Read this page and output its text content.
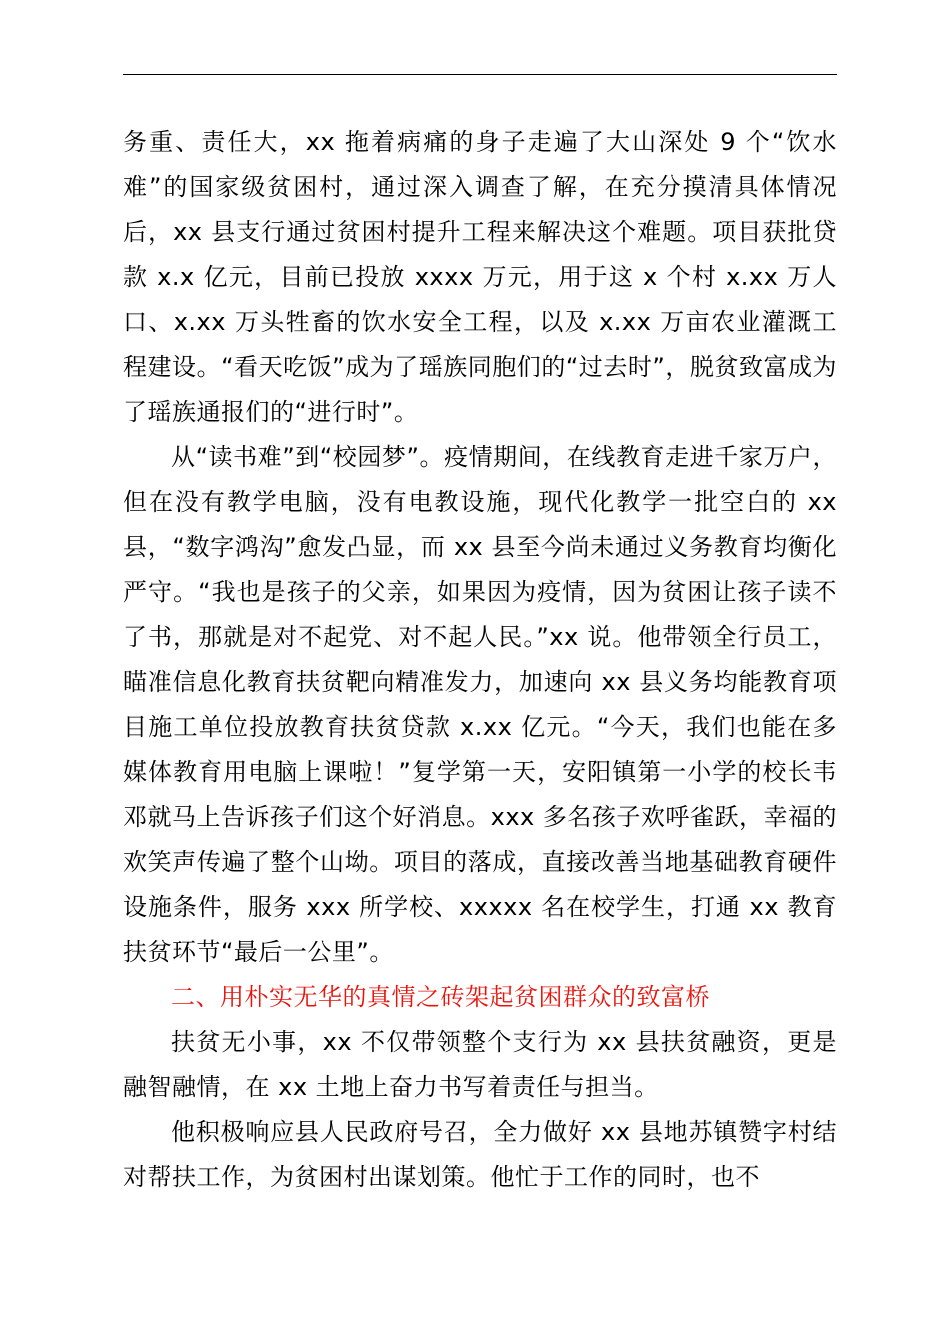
务重、责任大，xx 拖着病痛的身子走遍了大山深处 9 个“饮水难”的国家级贫困村，通过深入调查了解，在充分摸清具体情况后，xx 县支行通过贫困村提升工程来解决这个难题。项目获批贷款 x.x 亿元，目前已投放 xxxx 万元，用于这 x 个村 x.xx 万人口、x.xx 万头牲畜的饮水安全工程，以及 x.xx 万亩农业灌溉工程建设。“看天吃饭”成为了瑶族同胞们的“过去时”，脱贫致富成为了瑶族通报们的“进行时”。

从“读书难”到“校园梦”。疫情期间，在线教育走进千家万户，但在没有教学电脑，没有电教设施，现代化教学一批空白的 xx 县，“数字鸿沟”愈发凸显，而 xx 县至今尚未通过义务教育均衡化严守。“我也是孩子的父亲，如果因为疫情，因为贫困让孩子读不了书，那就是对不起党、对不起人民。”xx 说。他带领全行员工，瞄准信息化教育扶贫靶向精准发力，加速向 xx 县义务均能教育项目施工单位投放教育扶贫贷款 x.xx 亿元。“今天，我们也能在多媒体教育用电脑上课啦！”复学第一天，安阳镇第一小学的校长韦邓就马上告诉孩子们这个好消息。xxx 多名孩子欢呼雀跃，幸福的欢笑声传遍了整个山坳。项目的落成，直接改善当地基础教育硬件设施条件，服务 xxx 所学校、xxxxx 名在校学生，打通 xx 教育扶贫环节“最后一公里”。

二、用朴实无华的真情之砖架起贫困群众的致富桥

扶贫无小事，xx 不仅带领整个支行为 xx 县扶贫融资，更是融智融情，在 xx 土地上奋力书写着责任与担当。

他积极响应县人民政府号召，全力做好 xx 县地苏镇赞字村结对帮扶工作，为贫困村出谋划策。他忙于工作的同时，也不
